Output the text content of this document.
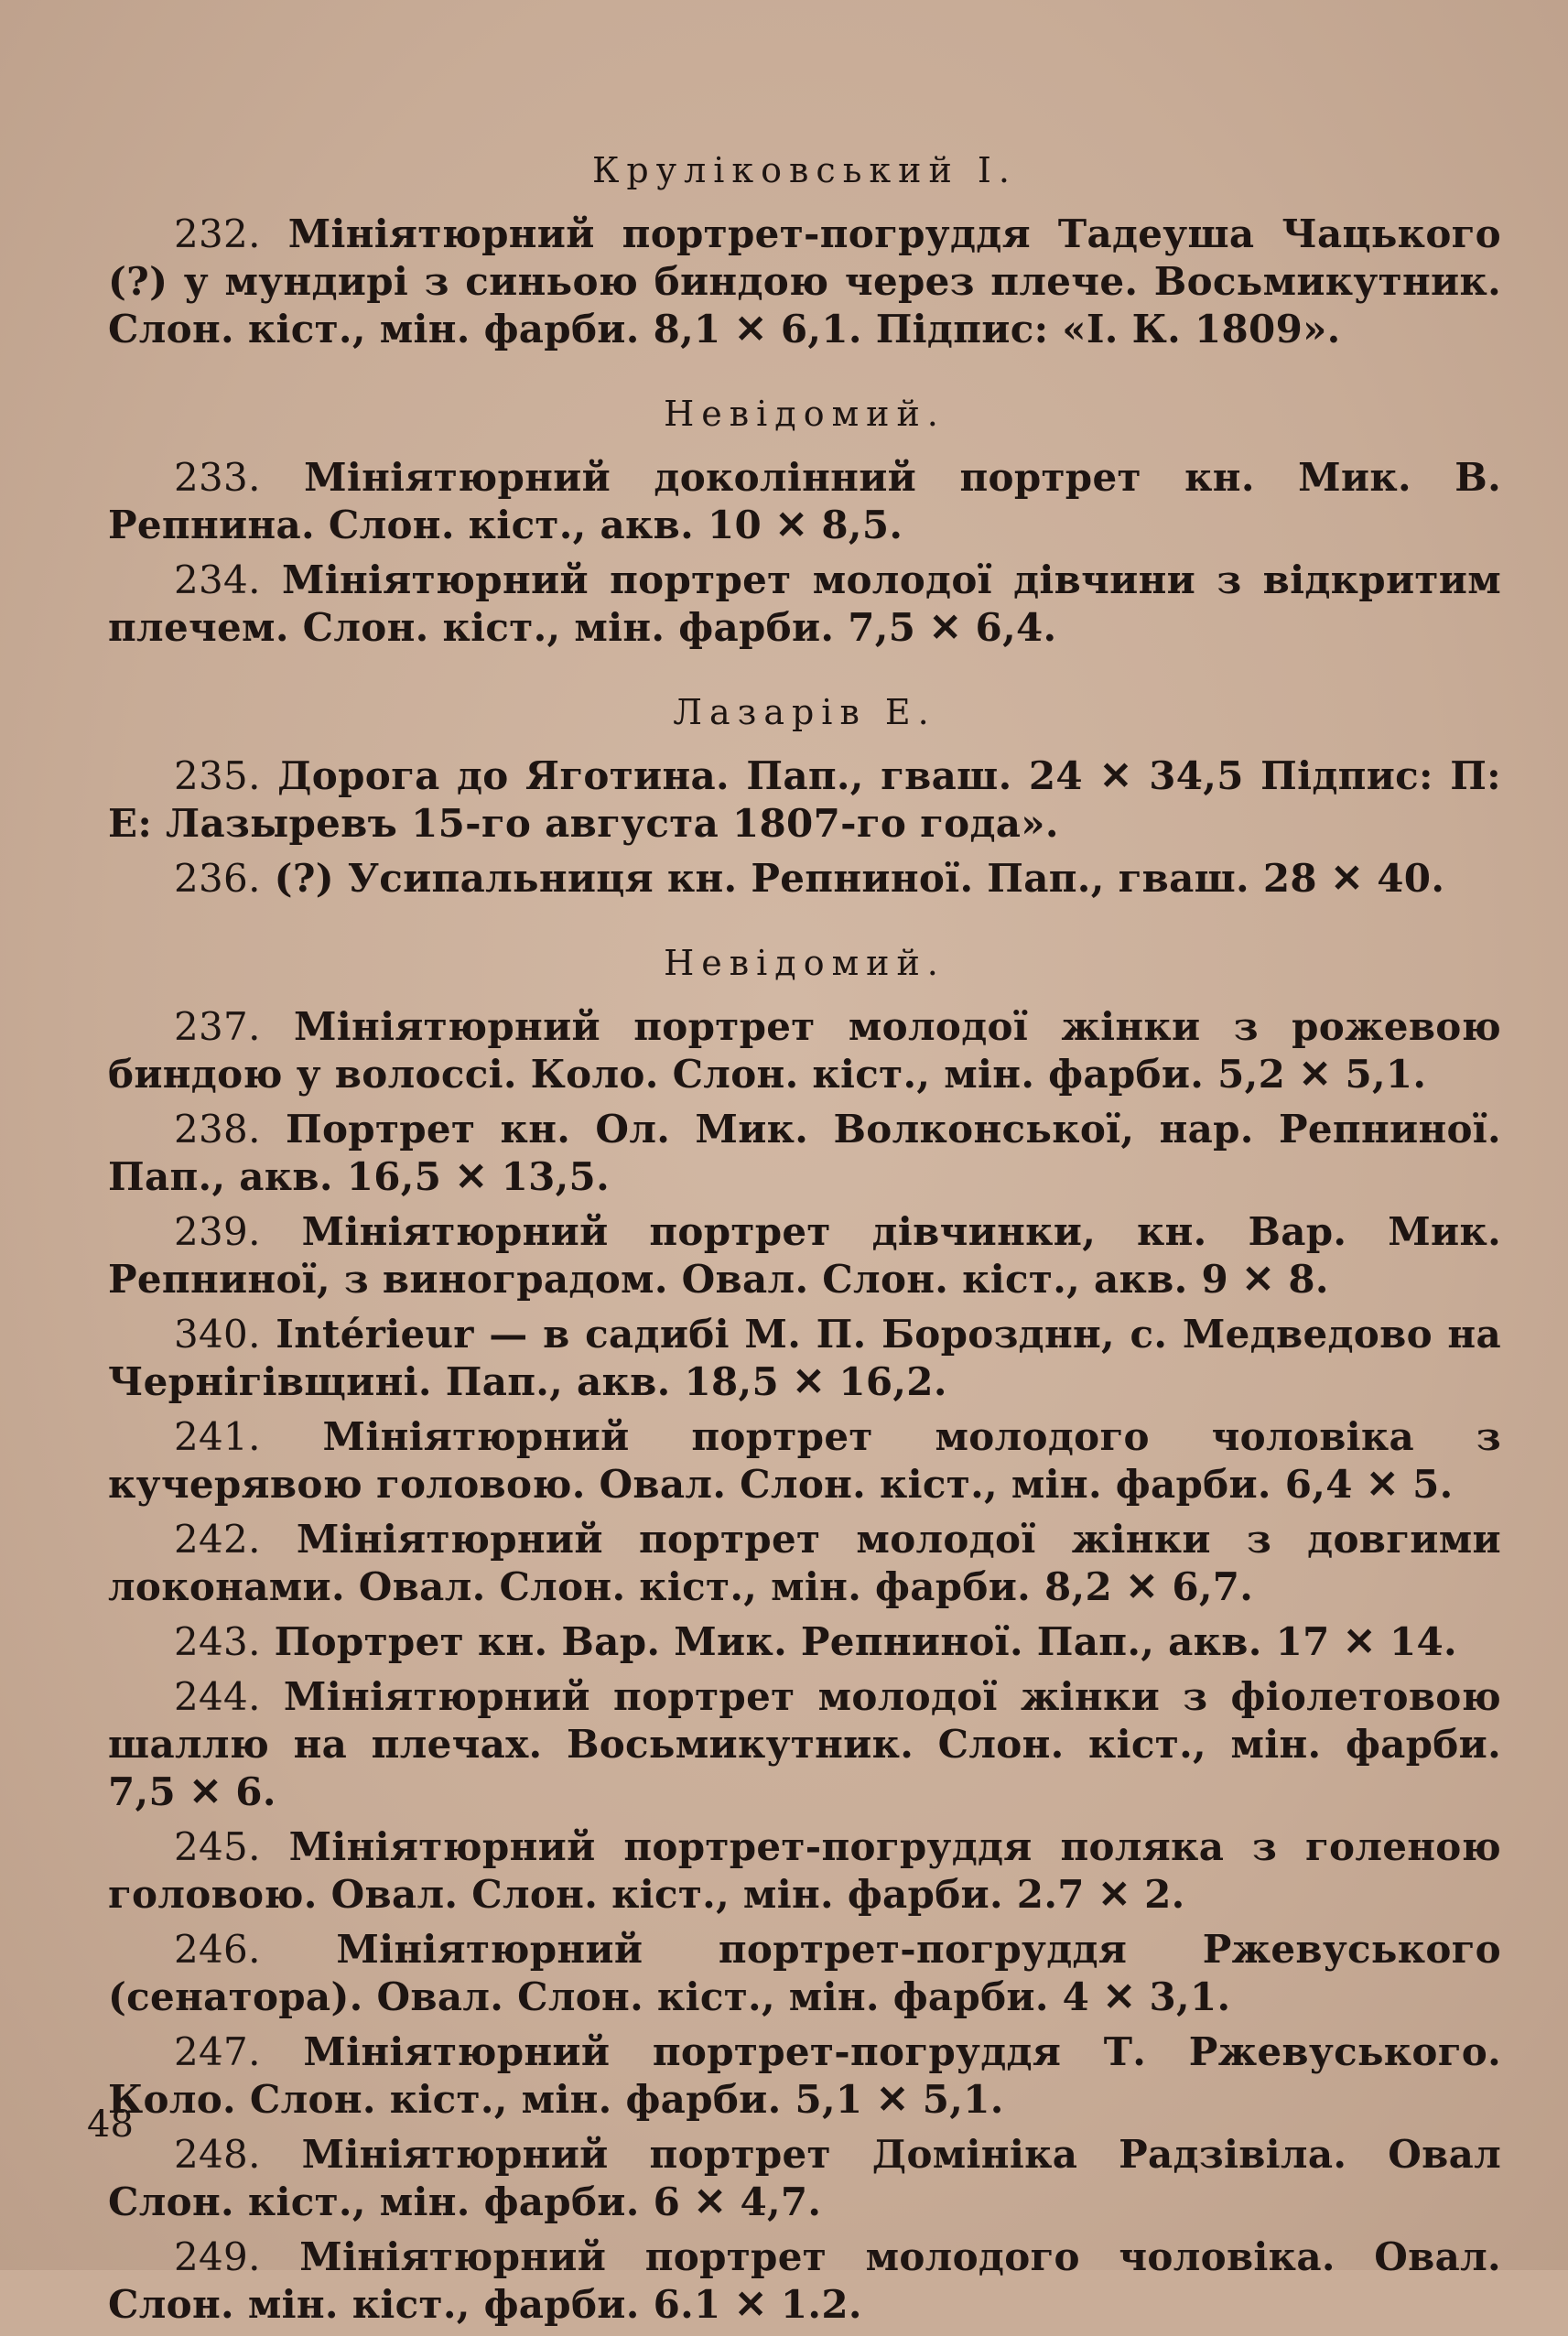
Круліковський І.

232. Мініятюрний портрет-погруддя Тадеуша Чацького (?) у мундирі з синьою биндою через плече. Восьмикутник. Слон. кіст., мін. фарби. 8,1 ✕ 6,1. Підпис: «І. К. 1809».

Невідомий.

233. Мініятюрний доколінний портрет кн. Мик. В. Репнина. Слон. кіст., акв. 10 ✕ 8,5.

234. Мініятюрний портрет молодої дівчини з відкритим плечем. Слон. кіст., мін. фарби. 7,5 ✕ 6,4.

Лазарів Е.

235. Дорога до Яготина. Пап., гваш. 24 ✕ 34,5 Підпис: П: Е: Лазыревъ 15-го августа 1807-го года».

236. (?) Усипальниця кн. Репниної. Пап., гваш. 28 ✕ 40.

Невідомий.

237. Мініятюрний портрет молодої жінки з рожевою биндою у волоссі. Коло. Слон. кіст., мін. фарби. 5,2 ✕ 5,1.

238. Портрет кн. Ол. Мик. Волконської, нар. Репниної. Пап., акв. 16,5 ✕ 13,5.

239. Мініятюрний портрет дівчинки, кн. Вар. Мик. Репниної, з виноградом. Овал. Слон. кіст., акв. 9 ✕ 8.

340. Intérieur — в садибі М. П. Борозднн, с. Медведово на Чернігівщині. Пап., акв. 18,5 ✕ 16,2.

241. Мініятюрний портрет молодого чоловіка з кучерявою головою. Овал. Слон. кіст., мін. фарби. 6,4 ✕ 5.

242. Мініятюрний портрет молодої жінки з довгими локонами. Овал. Слон. кіст., мін. фарби. 8,2 ✕ 6,7.

243. Портрет кн. Вар. Мик. Репниної. Пап., акв. 17 ✕ 14.

244. Мініятюрний портрет молодої жінки з фіолетовою шаллю на плечах. Восьмикутник. Слон. кіст., мін. фарби. 7,5 ✕ 6.

245. Мініятюрний портрет-погруддя поляка з голеною головою. Овал. Слон. кіст., мін. фарби. 2.7 ✕ 2.

246. Мініятюрний портрет-погруддя Ржевуського (сенатора). Овал. Слон. кіст., мін. фарби. 4 ✕ 3,1.

247. Мініятюрний портрет-погруддя Т. Ржевуського. Коло. Слон. кіст., мін. фарби. 5,1 ✕ 5,1.

248. Мініятюрний портрет Домініка Радзівіла. Овал Слон. кіст., мін. фарби. 6 ✕ 4,7.

249. Мініятюрний портрет молодого чоловіка. Овал. Слон. мін. кіст., фарби. 6.1 ✕ 1.2.

48
